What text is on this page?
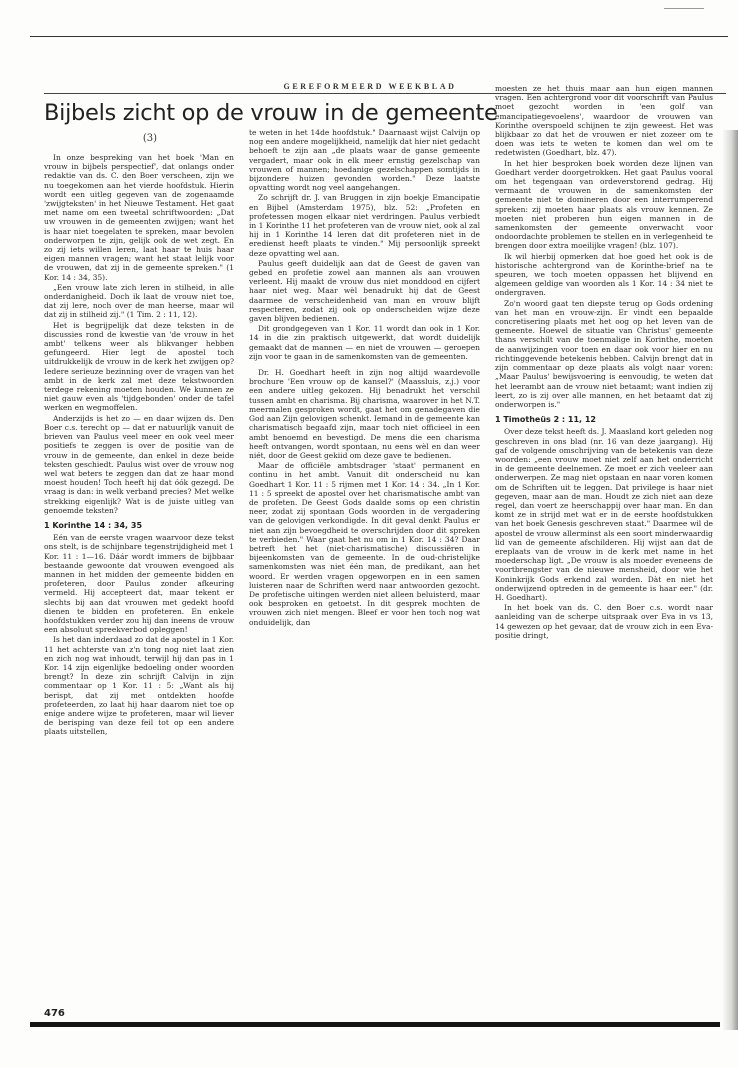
GEREFORMEERD WEEKBLAD
Bijbels zicht op de vrouw in de gemeente
(3)

In onze bespreking van het boek 'Man en vrouw in bijbels perspectief', dat onlangs onder redaktie van ds. C. den Boer verscheen, zijn we nu toegekomen aan het vierde hoofdstuk. Hierin wordt een uitleg gegeven van de zogenaamde 'zwijgteksten' in het Nieuwe Testament. Het gaat met name om een tweetal schriftwoorden: „Dat uw vrouwen in de gemeenten zwijgen; want het is haar niet toegelaten te spreken, maar bevolen onderworpen te zijn, gelijk ook de wet zegt. En zo zij iets willen leren, laat haar te huis haar eigen mannen vragen; want het staat lelijk voor de vrouwen, dat zij in de gemeente spreken." (1 Kor. 14 : 34, 35).

„Een vrouw late zich leren in stilheid, in alle onderdanigheid. Doch ik laat de vrouw niet toe, dat zij lere, noch over de man heerse, maar wil dat zij in stilheid zij." (1 Tim. 2 : 11, 12).

Het is begrijpelijk dat deze teksten in de discussies rond de kwestie van 'de vrouw in het ambt' telkens weer als blikvanger hebben gefungeerd. Hier legt de apostel toch uitdrukkelijk de vrouw in de kerk het zwijgen op? Iedere serieuze bezinning over de vragen van het ambt in de kerk zal met deze tekstwoorden terdege rekening moeten houden. We kunnen ze niet gauw even als 'tijdgebonden' onder de tafel werken en wegmoffelen.

Anderzijds is het zo — en daar wijzen ds. Den Boer c.s. terecht op — dat er natuurlijk vanuit de brieven van Paulus veel meer en ook veel meer positiefs te zeggen is over de positie van de vrouw in de gemeente, dan enkel in deze beide teksten geschiedt. Paulus wist over de vrouw nog wel wat beters te zeggen dan dat ze haar mond moest houden! Toch heeft hij dat óók gezegd. De vraag is dan: in welk verband precies? Met welke strekking eigenlijk? Wat is de juiste uitleg van genoemde teksten?

1 Korinthe 14 : 34, 35

Eén van de eerste vragen waarvoor deze tekst ons stelt, is de schijnbare tegenstrijdigheid met 1 Kor. 11 : 1—16. Dáár wordt immers de bijbbaar bestaande gewoonte dat vrouwen evengoed als mannen in het midden der gemeente bidden en profeteren, door Paulus zonder afkeuring vermeld. Hij accepteert dat, maar tekent er slechts bij aan dat vrouwen met gedekt hoofd dienen te bidden en profeteren. En enkele hoofdstukken verder zou hij dan ineens de vrouw een absoluut spreekverbod opleggen!

Is het dan inderdaad zo dat de apostel in 1 Kor. 11 het achterste van z'n tong nog niet laat zien en zich nog wat inhoudt, terwijl hij dan pas in 1 Kor. 14 zijn eigenlijke bedoeling onder woorden brengt? In deze zin schrijft Calvijn in zijn commentaar op 1 Kor. 11 : 5: „Want als hij berispt, dat zij met ontdekten hoofde profeteerden, zo laat hij haar daarom niet toe op enige andere wijze te profeteren, maar wil liever de berisping van deze feil tot op een andere plaats uitstellen,

te weten in het 14de hoofdstuk." Daarnaast wijst Calvijn op nog een andere mogelijkheid, namelijk dat hier niet gedacht behoeft te zijn aan „de plaats waar de ganse gemeente vergadert, maar ook in elk meer ernstig gezelschap van vrouwen of mannen; hoedanige gezelschappen somtijds in bijzondere huizen gevonden worden." Deze laatste opvatting wordt nog veel aangehangen.

Zo schrijft dr. J. van Bruggen in zijn boekje Emancipatie en Bijbel (Amsterdam 1975), blz. 52: „Profeten en profetessen mogen elkaar niet verdringen. Paulus verbiedt in 1 Korinthe 11 het profeteren van de vrouw niet, ook al zal hij in 1 Korinthe 14 leren dat dit profeteren niet in de eredienst heeft plaats te vinden." Mij persoonlijk spreekt deze opvatting wel aan.

Paulus geeft duidelijk aan dat de Geest de gaven van gebed en profetie zowel aan mannen als aan vrouwen verleent. Hij maakt de vrouw dus niet monddood en cijfert haar niet weg. Maar wèl benadrukt hij dat de Geest daarmee de verscheidenheid van man en vrouw blijft respecteren, zodat zij ook op onderscheiden wijze deze gaven blijven bedienen.

Dit grondgegeven van 1 Kor. 11 wordt dan ook in 1 Kor. 14 in die zin praktisch uitgewerkt, dat wordt duidelijk gemaakt dat de mannen — en niet de vrouwen — geroepen zijn voor te gaan in de samenkomsten van de gemeenten.

Dr. H. Goedhart heeft in zijn nog altijd waardevolle brochure 'Een vrouw op de kansel?' (Maassluis, z.j.) voor een andere uitleg gekozen. Hij benadrukt het verschil tussen ambt en charisma. Bij charisma, waarover in het N.T. meermalen gesproken wordt, gaat het om genadegaven die God aan Zijn gelovigen schenkt. Iemand in de gemeente kan charismatisch begaafd zijn, maar toch niet officieel in een ambt benoemd en bevestigd. De mens die een charisma heeft ontvangen, wordt spontaan, nu eens wèl en dan weer niét, door de Geest gekiid om deze gave te bedienen.

Maar de officiële ambtsdrager 'staat' permanent en continu in het ambt. Vanuit dit onderscheid nu kan Goedhart 1 Kor. 11 : 5 rijmen met 1 Kor. 14 : 34. „In 1 Kor. 11 : 5 spreekt de apostel over het charismatische ambt van de profeten. De Geest Gods daalde soms op een christin neer, zodat zij spontaan Gods woorden in de vergadering van de gelovigen verkondigde. In dit geval denkt Paulus er niet aan zijn bevoegdheid te overschrijden door dit spreken te verbieden." Waar gaat het nu om in 1 Kor. 14 : 34? Daar betreft het het (niet-charismatische) discussiëren in bijeenkomsten van de gemeente. In de oud-christelijke samenkomsten was niet één man, de predikant, aan het woord. Er werden vragen opgeworpen en in een samen luisteren naar de Schriften werd naar antwoorden gezocht. De profetische uitingen werden niet alleen beluisterd, maar ook besproken en getoetst. In dit gesprek mochten de vrouwen zich niet mengen. Bleef er voor hen toch nog wat onduidelijk, dan

moesten ze het thuis maar aan hun eigen mannen vragen. Een achtergrond voor dit voorschrift van Paulus moet gezocht worden in 'een golf van emancipatiegevoelens', waardoor de vrouwen van Korinthe overspoeld schijnen te zijn geweest. Het was blijkbaar zo dat het de vrouwen er niet zozeer om te doen was iets te weten te komen dan wel om te redetwisten (Goedhart, blz. 47).

In het hier besproken boek worden deze lijnen van Goedhart verder doorgetrokken. Het gaat Paulus vooral om het tegengaan van ordeverstorend gedrag. Hij vermaant de vrouwen in de samenkomsten der gemeente niet te domineren door een interrumperend spreken: zij moeten haar plaats als vrouw kennen. Ze moeten niet proberen hun eigen mannen in de samenkomsten der gemeente onverwacht voor ondoordachte problemen te stellen en in verlegenheid te brengen door extra moeilijke vragen! (blz. 107).

Ik wil hierbij opmerken dat hoe goed het ook is de historische achtergrond van de Korinthe-brief na te speuren, we toch moeten oppassen het blijvend en algemeen geldige van woorden als 1 Kor. 14 : 34 niet te ondergraven.

Zo'n woord gaat ten diepste terug op Gods ordening van het man en vrouw-zijn. Er vindt een bepaalde concretisering plaats met het oog op het leven van de gemeente. Hoewel de situatie van Christus' gemeente thans verschilt van de toenmalige in Korinthe, moeten de aanwijzingen voor toen en daar ook voor hier en nu richtinggevende betekenis hebben. Calvijn brengt dat in zijn commentaar op deze plaats als volgt naar voren: „Maar Paulus' bewijsvoering is eenvoudig, te weten dat het leerambt aan de vrouw niet betaamt; want indien zij leert, zo is zij over alle mannen, en het betaamt dat zij onderworpen is."

1 Timotheüs 2 : 11, 12

Over deze tekst heeft ds. J. Maasland kort geleden nog geschreven in ons blad (nr. 16 van deze jaargang). Hij gaf de volgende omschrijving van de betekenis van deze woorden: „een vrouw moet niet zelf aan het onderricht in de gemeente deelnemen. Ze moet er zich veeleer aan onderwerpen. Ze mag niet opstaan en naar voren komen om de Schriften uit te leggen. Dat privilege is haar niet gegeven, maar aan de man. Houdt ze zich niet aan deze regel, dan voert ze heerschappij over haar man. En dan komt ze in strijd met wat er in de eerste hoofdstukken van het boek Genesis geschreven staat." Daarmee wil de apostel de vrouw allerminst als een soort minderwaardig lid van de gemeente afschilderen. Hij wijst aan dat de ereplaats van de vrouw in de kerk met name in het moederschap ligt. „De vrouw is als moeder eveneens de voortbrengster van de nieuwe mensheid, door wie het Koninkrijk Gods erkend zal worden. Dàt en niet het onderwijzend optreden in de gemeente is haar eer." (dr. H. Goedhart).

In het boek van ds. C. den Boer c.s. wordt naar aanleiding van de scherpe uitspraak over Eva in vs 13, 14 gewezen op het gevaar, dat de vrouw zich in een Eva-positie dringt,

476
